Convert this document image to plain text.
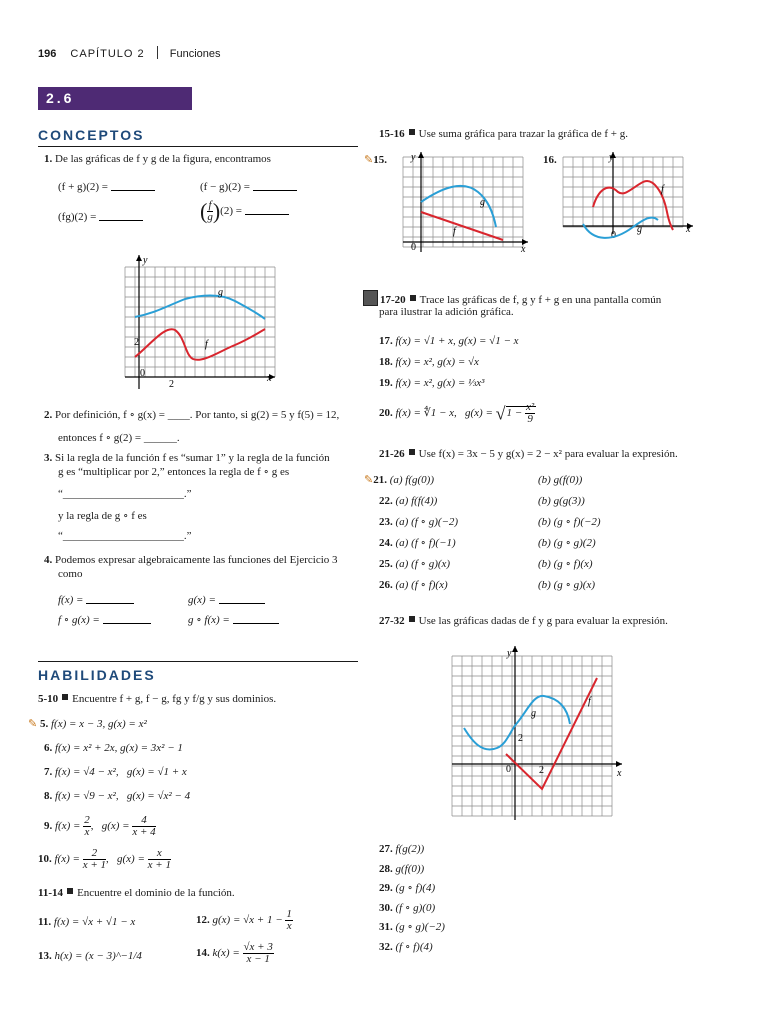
196 CAPÍTULO 2 Funciones
2.6 EJERCICIOS
CONCEPTOS
1. De las gráficas de f y g de la figura, encontramos
(f + g)(2) =	(f − g)(2) =
(fg)(2) =	( $\frac{f}{g} )(2)$ =
y
x
0
2
2
g
f
2. Por definición, f ∘ g(x) = ____. Por tanto, si g(2) = 5 y f(5) = 12,
entonces f ∘ g(2) = ______.
3. Si la regla de la función f es “sumar 1” y la regla de la función
g es “multiplicar por 2,” entonces la regla de f ∘ g es
“______________________.”
y la regla de g ∘ f es
“______________________.”
4. Podemos expresar algebraicamente las funciones del Ejercicio 3
como
f(x) =	g(x) =
f ∘ g(x) =	g ∘ f(x) =
HABILIDADES
5-10 Encuentre f + g, f − g, fg y f/g y sus dominios.
✎ 5. f(x) = x − 3, g(x) = x²
6. f(x) = x² + 2x, g(x) = 3x² − 1
7. f(x) = √4 − x², g(x) = √1 + x
8. f(x) = √9 − x², g(x) = √x² − 4
9. $f(x) = \frac{2}{x}$ ,   $g(x) = \frac{4}{x + 4}$
10. $f(x) = \frac{2}{x + 1}$ ,   $g(x) = \frac{x}{x + 1}$
11-14 Encuentre el dominio de la función.
11. f(x) = √x + √1 − x	12. $g(x) = √x + 1 - \frac{1}{x}$
13. h(x) = (x − 3)^−1/4	14. $k(x) = \frac{√x + 3}{x - 1}$
15-16 Use suma gráfica para trazar la gráfica de f + g.
✎15.	16.
y
x
0
g
f
y
x
0
f
g
17-20 Trace las gráficas de f, g y f + g en una pantalla común
para ilustrar la adición gráfica.
17. f(x) = √1 + x, g(x) = √1 − x
18. f(x) = x², g(x) = √x
19. f(x) = x², g(x) = ⅓x³
20. f(x) = ∜1 − x, $g(x) = √1 - \frac{\text{x²}}{9}$
21-26 Use f(x) = 3x − 5 y g(x) = 2 − x² para evaluar la expresión.
✎21. (a) f(g(0))	(b) g(f(0))
22. (a) f(f(4))	(b) g(g(3))
23. (a) (f ∘ g)(−2)	(b) (g ∘ f)(−2)
24. (a) (f ∘ f)(−1)	(b) (g ∘ g)(2)
25. (a) (f ∘ g)(x)	(b) (g ∘ f)(x)
26. (a) (f ∘ f)(x)	(b) (g ∘ g)(x)
27-32 Use las gráficas dadas de f y g para evaluar la expresión.
y
x
0	2
2
g
f
27. f(g(2))
28. g(f(0))
29. (g ∘ f)(4)
30. (f ∘ g)(0)
31. (g ∘ g)(−2)
32. (f ∘ f)(4)
